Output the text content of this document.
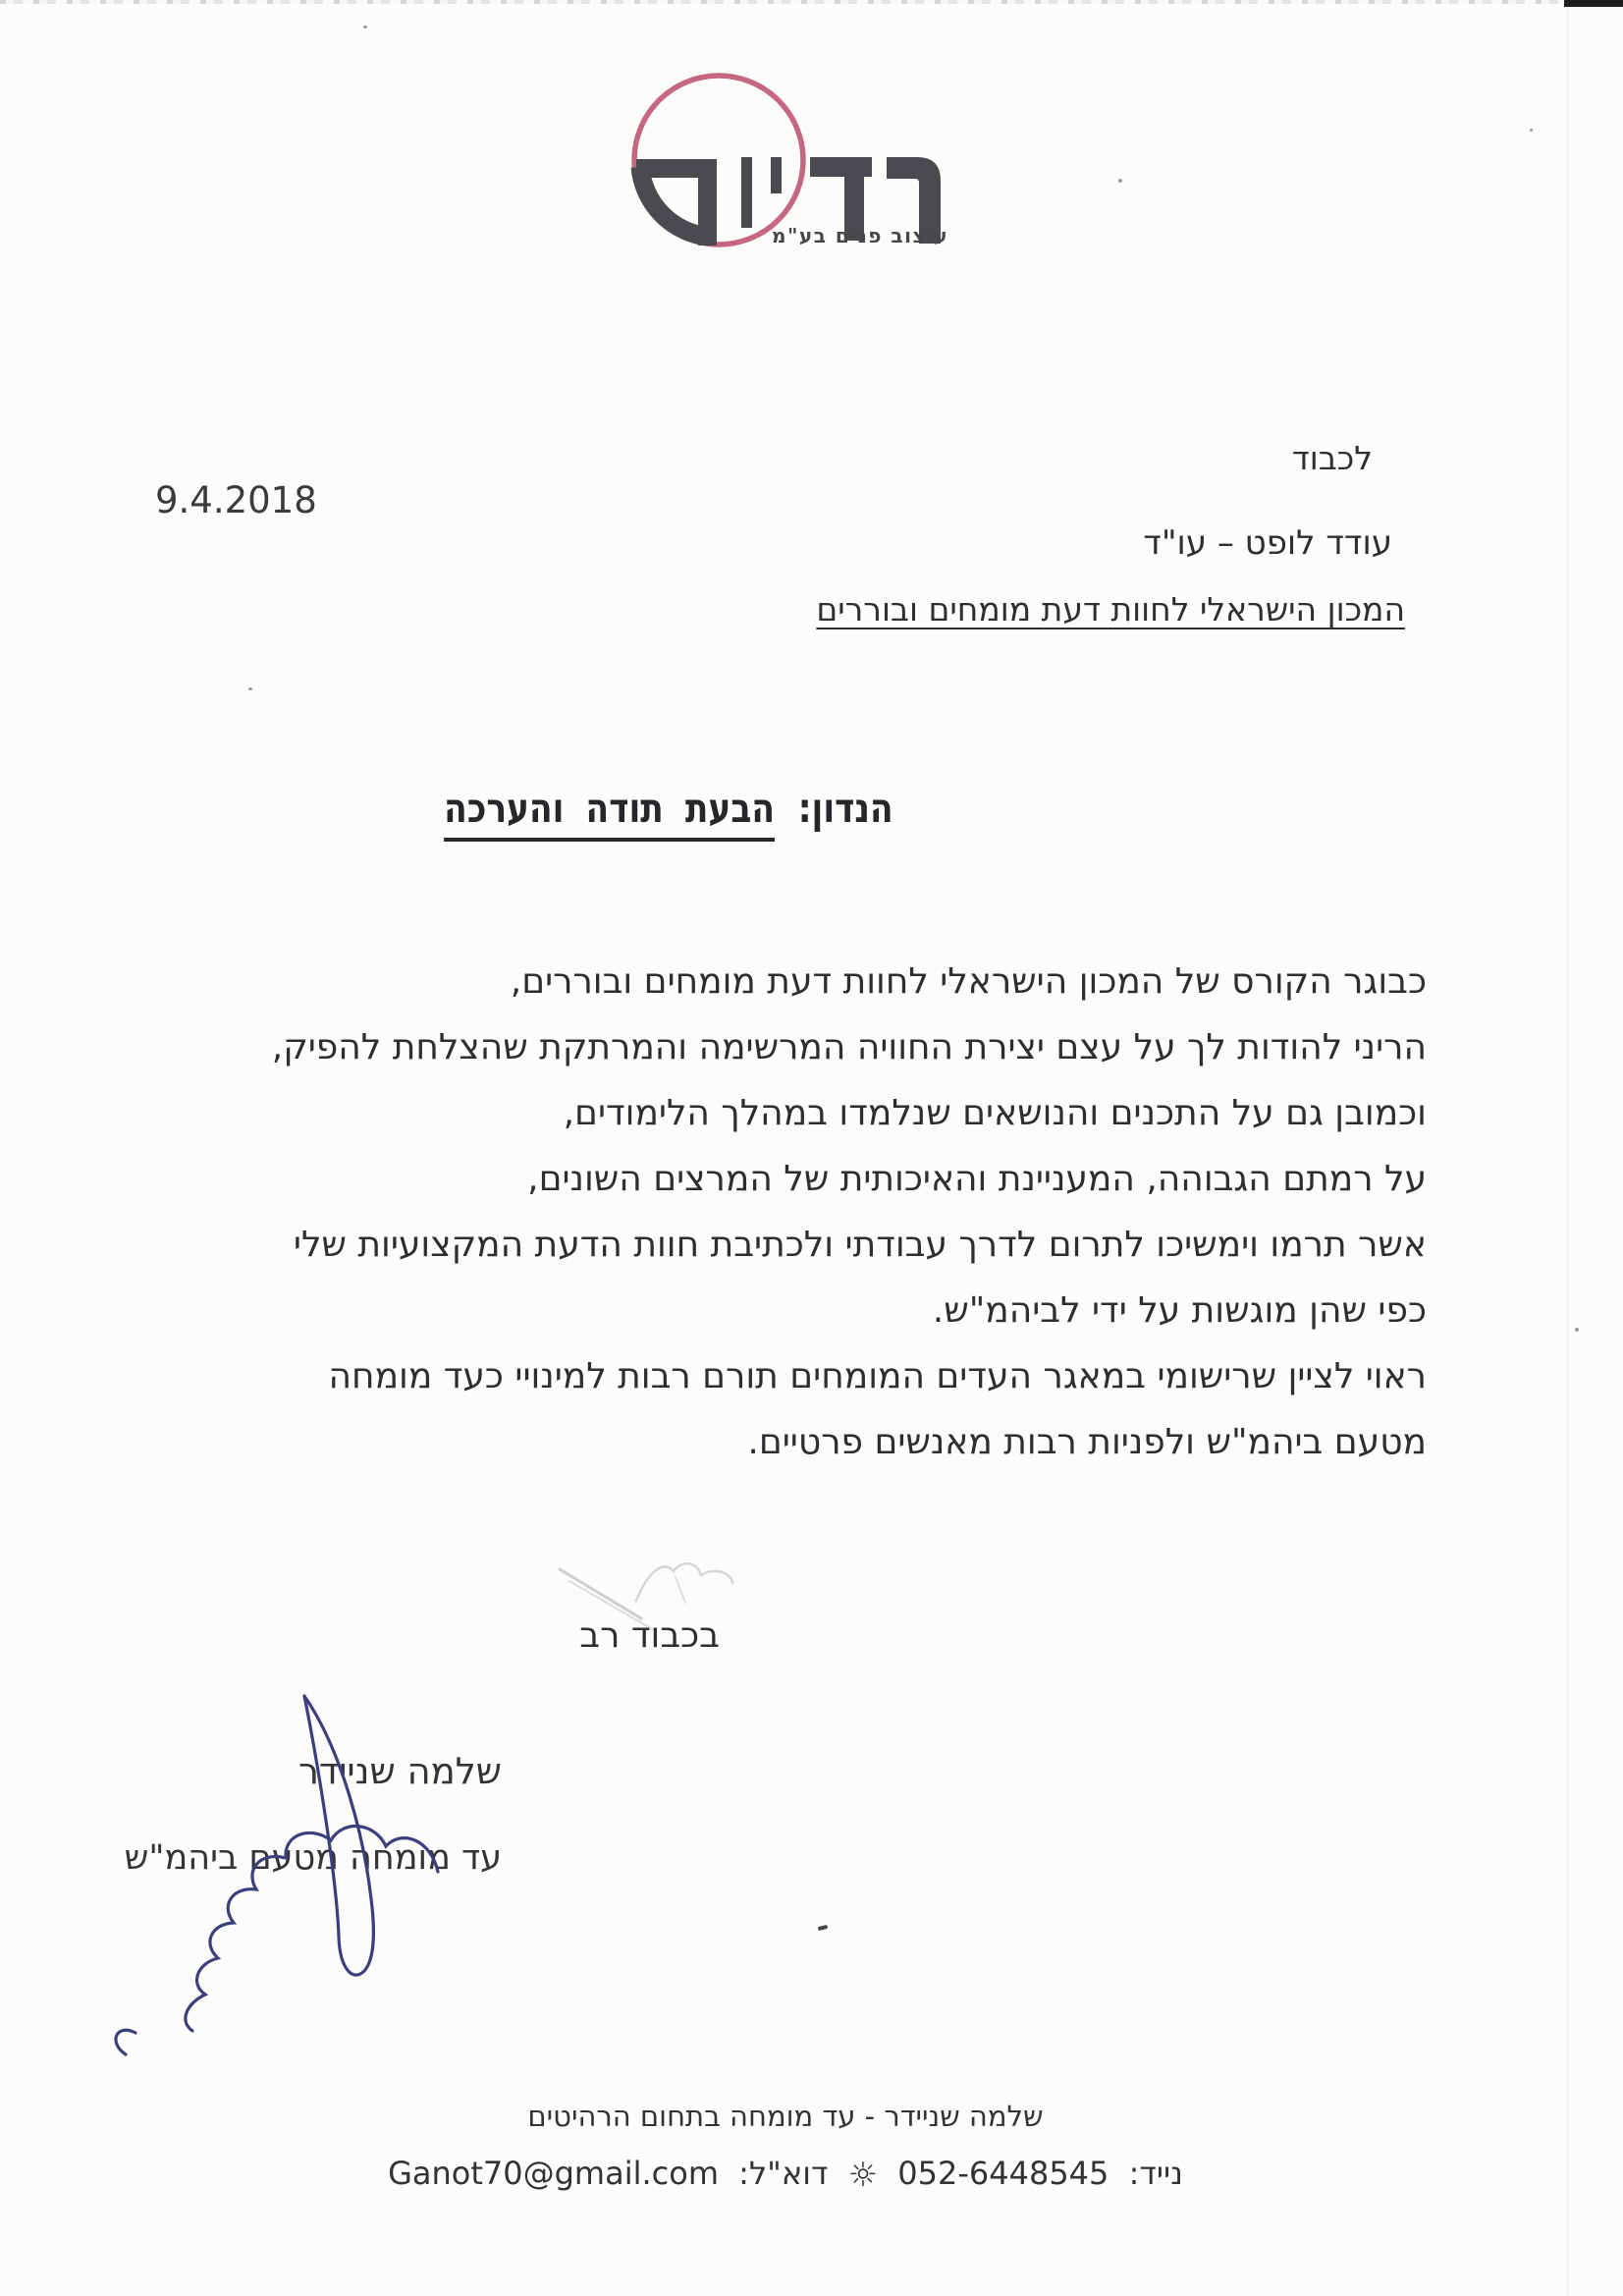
עיצוב פנים בע"מ
לכבוד
9.4.2018
עודד לופט – עו"ד
המכון הישראלי לחוות דעת מומחים ובוררים
הנדון: הבעת תודה והערכה
כבוגר הקורס של המכון הישראלי לחוות דעת מומחים ובוררים,
הריני להודות לך על עצם יצירת החוויה המרשימה והמרתקת שהצלחת להפיק,
וכמובן גם על התכנים והנושאים שנלמדו במהלך הלימודים,
על רמתם הגבוהה, המעניינת והאיכותית של המרצים השונים,
אשר תרמו וימשיכו לתרום לדרך עבודתי ולכתיבת חוות הדעת המקצועיות שלי
כפי שהן מוגשות על ידי לביהמ"ש.
ראוי לציין שרישומי במאגר העדים המומחים תורם רבות למינויי כעד מומחה
מטעם ביהמ"ש ולפניות רבות מאנשים פרטיים.
בכבוד רב
שלמה שניידר
עד מומחה מטעם ביהמ"ש
שלמה שניידר - עד מומחה בתחום הרהיטים
נייד: 052-6448545 ☼ דוא"ל: Ganot70@gmail.com
